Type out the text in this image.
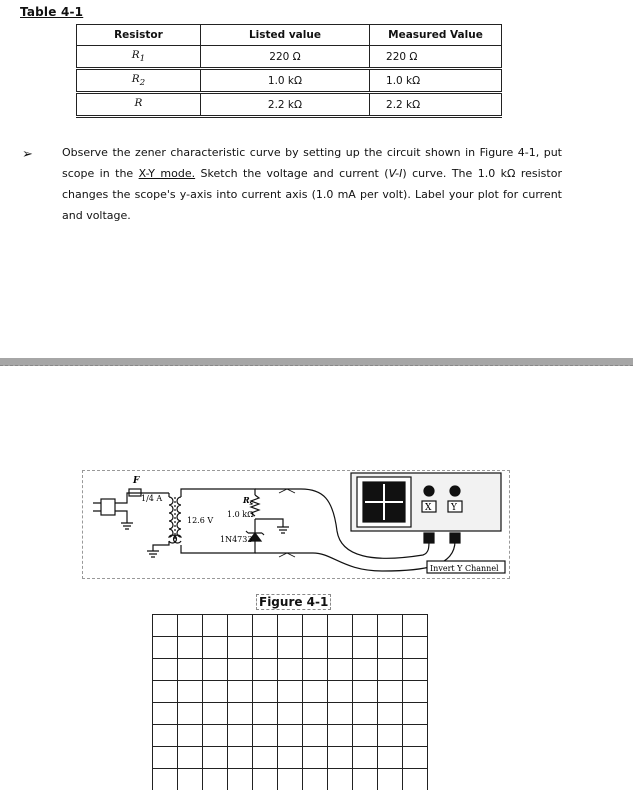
Table 4-1
Resistor	Listed value	Measured Value
$R_1$	220 Ω	220 Ω
$R_2$	1.0 kΩ	1.0 kΩ
R	2.2 kΩ	2.2 kΩ
➢	Observe the zener characteristic curve by setting up the circuit shown in Figure 4-1, put scope in the X-Y mode. Sketch the voltage and current (V-I) curve. The 1.0 kΩ resistor changes the scope's y-axis into current axis (1.0 mA per volt). Label your plot for current and voltage.
F
1/4 A
12.6 V
$R_s$
1.0 kΩ
1N4733
X Y
Invert Y Channel
Figure 4-1
